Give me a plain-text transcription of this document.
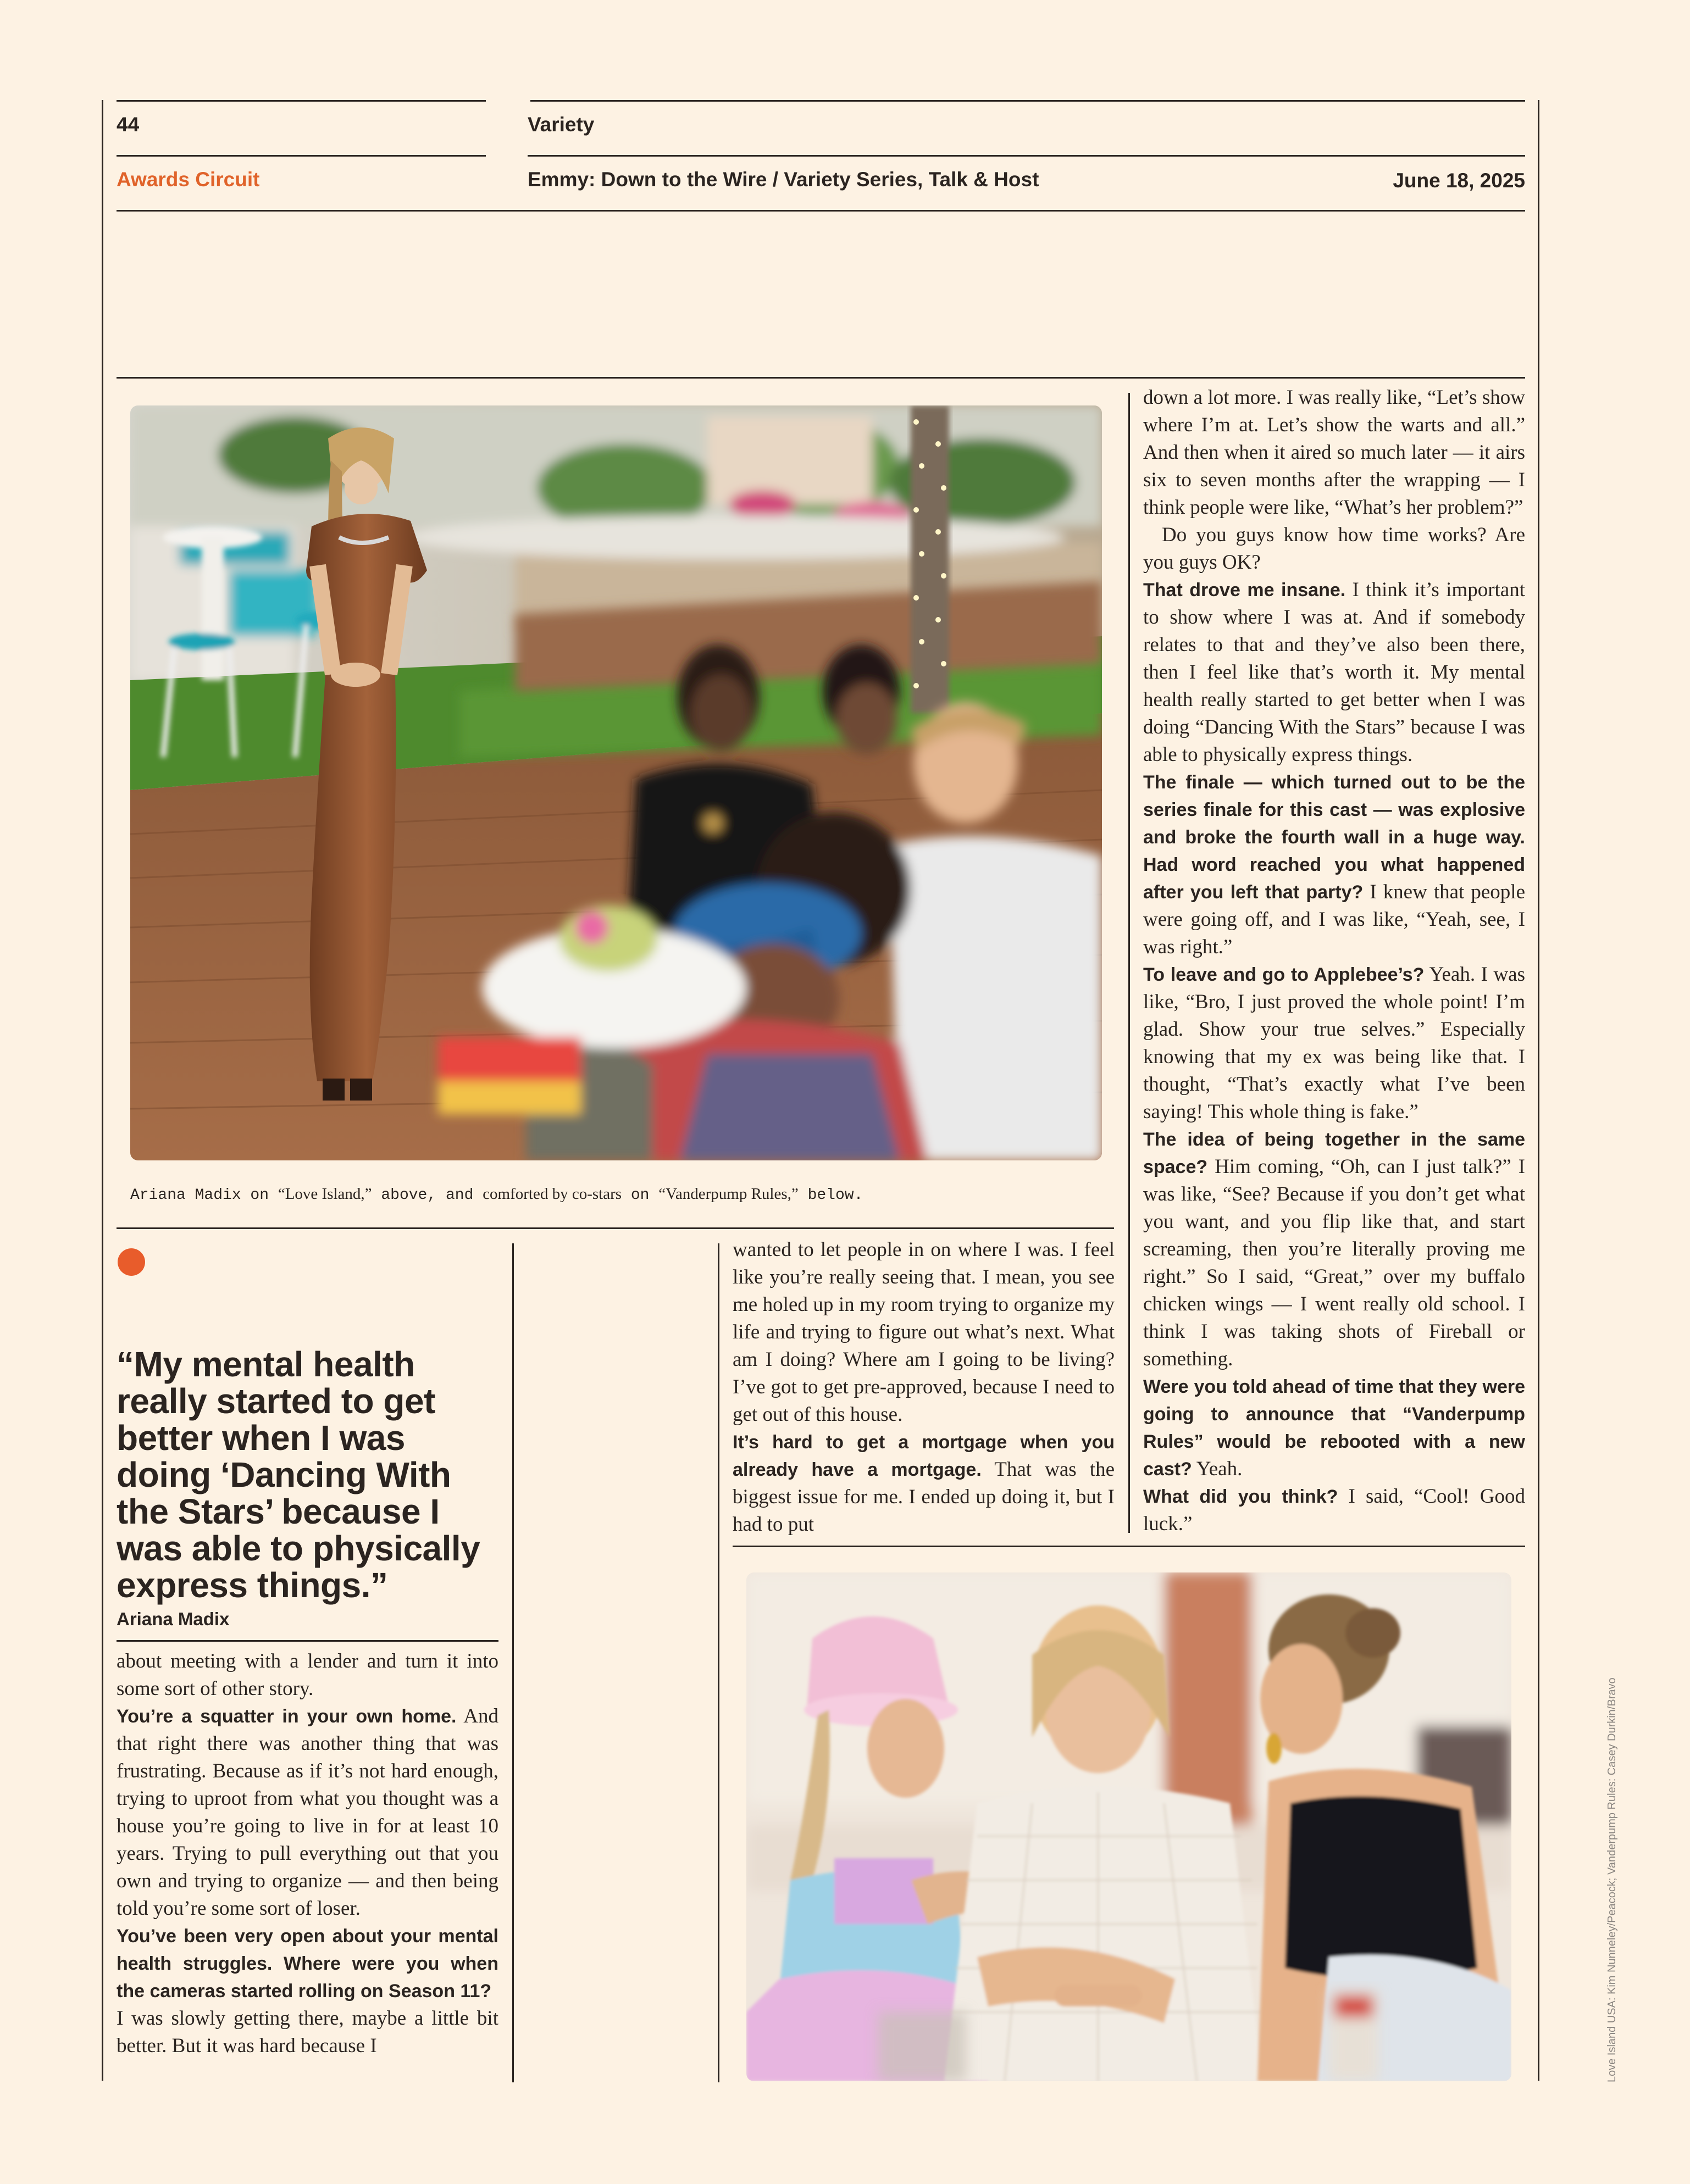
44	Variety
Awards Circuit	Emmy: Down to the Wire / Variety Series, Talk & Host	June 18, 2025
Ariana Madix on “Love Island,” above, and comforted by co-stars on “Vanderpump Rules,” below.
“My mental health really started to get better when I was doing ‘Dancing With the Stars’ because I was able to physically express things.”
Ariana Madix

about meeting with a lender and turn it into some sort of other story.

You’re a squatter in your own home. And that right there was another thing that was frustrating. Because as if it’s not hard enough, trying to uproot from what you thought was a house you’re going to live in for at least 10 years. Trying to pull everything out that you own and trying to organize — and then being told you’re some sort of loser.

You’ve been very open about your mental health struggles. Where were you when the cameras started rolling on Season 11?

I was slowly getting there, maybe a little bit better. But it was hard because I

wanted to let people in on where I was. I feel like you’re really seeing that. I mean, you see me holed up in my room trying to organize my life and trying to figure out what’s next. What am I doing? Where am I going to be living? I’ve got to get pre-approved, because I need to get out of this house.

It’s hard to get a mortgage when you already have a mortgage. That was the biggest issue for me. I ended up doing it, but I had to put

down a lot more. I was really like, “Let’s show where I’m at. Let’s show the warts and all.” And then when it aired so much later — it airs six to seven months after the wrapping — I think people were like, “What’s her problem?”

Do you guys know how time works? Are you guys OK?

That drove me insane. I think it’s important to show where I was at. And if somebody relates to that and they’ve also been there, then I feel like that’s worth it. My mental health really started to get better when I was doing “Dancing With the Stars” because I was able to physically express things.

The finale — which turned out to be the series finale for this cast — was explosive and broke the fourth wall in a huge way. Had word reached you what happened after you left that party? I knew that people were going off, and I was like, “Yeah, see, I was right.”

To leave and go to Applebee’s? Yeah. I was like, “Bro, I just proved the whole point! I’m glad. Show your true selves.” Especially knowing that my ex was being like that. I thought, “That’s exactly what I’ve been saying! This whole thing is fake.”

The idea of being together in the same space? Him coming, “Oh, can I just talk?” I was like, “See? Because if you don’t get what you want, and you flip like that, and start screaming, then you’re literally proving me right.” So I said, “Great,” over my buffalo chicken wings — I went really old school. I think I was taking shots of Fireball or something.

Were you told ahead of time that they were going to announce that “Vanderpump Rules” would be rebooted with a new cast? Yeah.

What did you think? I said, “Cool! Good luck.”

Love Island USA: Kim Nunneley/Peacock; Vanderpump Rules: Casey Durkin/Bravo
